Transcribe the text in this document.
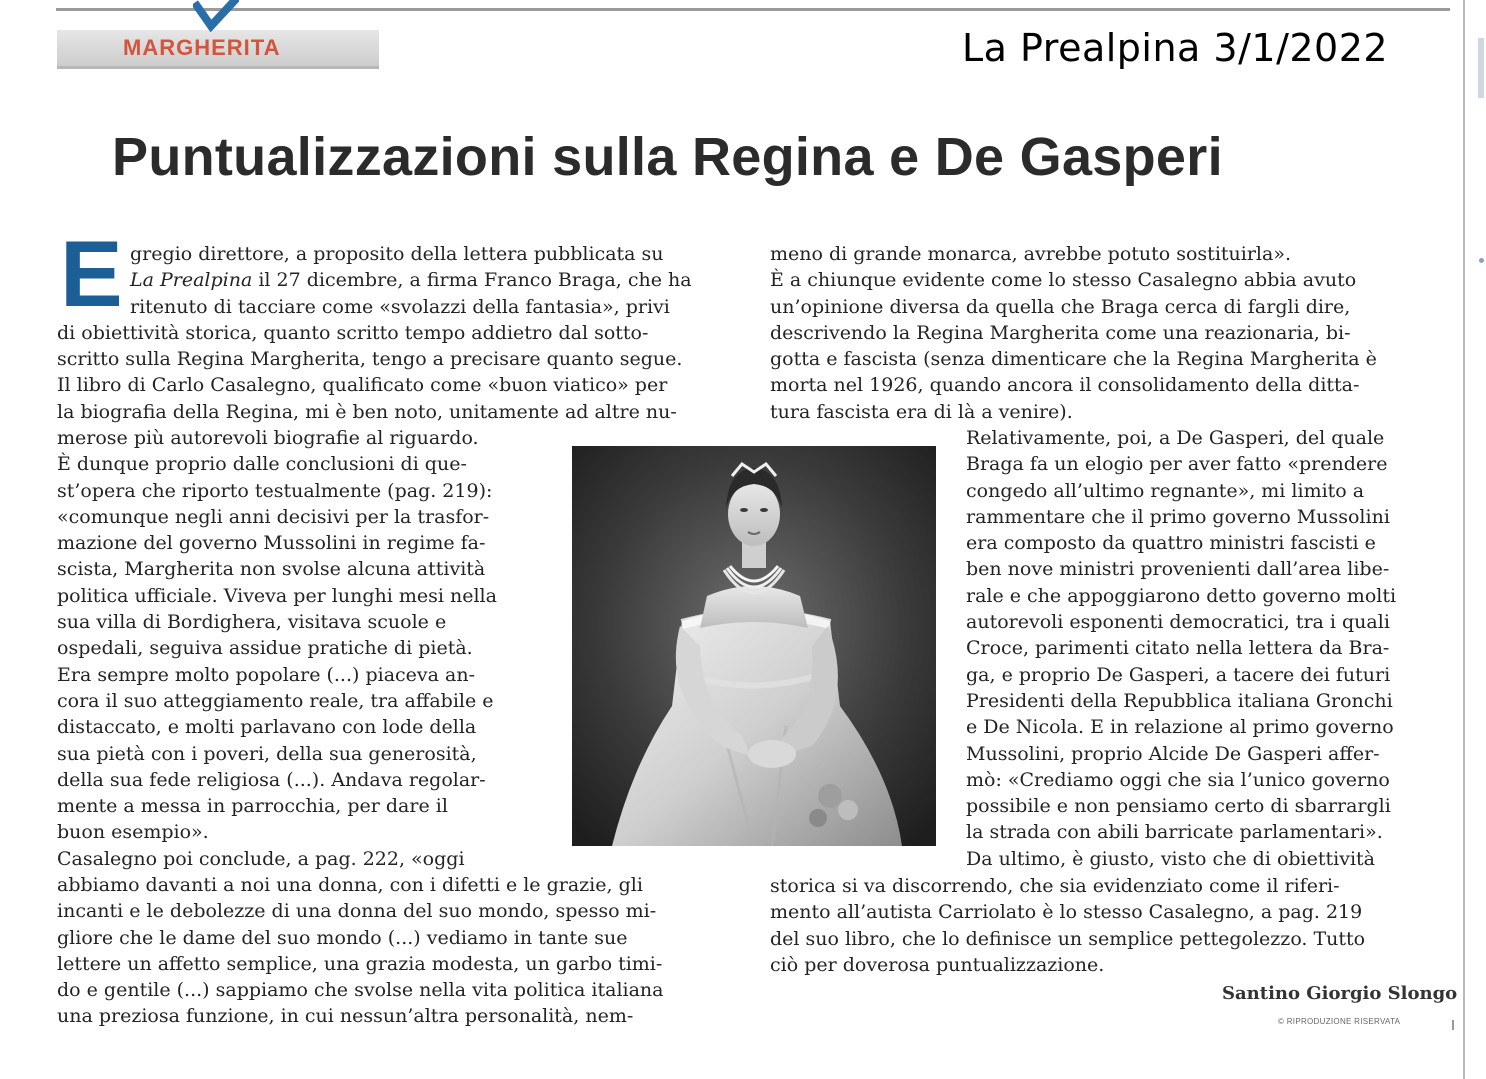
MARGHERITA	La Prealpina 3/1/2022
Puntualizzazioni sulla Regina e De Gasperi
E gregio direttore, a proposito della lettera pubblicata su
La Prealpina il 27 dicembre, a firma Franco Braga, che ha
ritenuto di tacciare come «svolazzi della fantasia», privi
di obiettività storica, quanto scritto tempo addietro dal sotto-
scritto sulla Regina Margherita, tengo a precisare quanto segue.
Il libro di Carlo Casalegno, qualificato come «buon viatico» per
la biografia della Regina, mi è ben noto, unitamente ad altre nu-
merose più autorevoli biografie al riguardo.
È dunque proprio dalle conclusioni di que-
st’opera che riporto testualmente (pag. 219):
«comunque negli anni decisivi per la trasfor-
mazione del governo Mussolini in regime fa-
scista, Margherita non svolse alcuna attività
politica ufficiale. Viveva per lunghi mesi nella
sua villa di Bordighera, visitava scuole e
ospedali, seguiva assidue pratiche di pietà.
Era sempre molto popolare (...) piaceva an-
cora il suo atteggiamento reale, tra affabile e
distaccato, e molti parlavano con lode della
sua pietà con i poveri, della sua generosità,
della sua fede religiosa (...). Andava regolar-
mente a messa in parrocchia, per dare il
buon esempio».
Casalegno poi conclude, a pag. 222, «oggi
abbiamo davanti a noi una donna, con i difetti e le grazie, gli
incanti e le debolezze di una donna del suo mondo, spesso mi-
gliore che le dame del suo mondo (...) vediamo in tante sue
lettere un affetto semplice, una grazia modesta, un garbo timi-
do e gentile (...) sappiamo che svolse nella vita politica italiana
una preziosa funzione, in cui nessun’altra personalità, nem-
meno di grande monarca, avrebbe potuto sostituirla».
È a chiunque evidente come lo stesso Casalegno abbia avuto
un’opinione diversa da quella che Braga cerca di fargli dire,
descrivendo la Regina Margherita come una reazionaria, bi-
gotta e fascista (senza dimenticare che la Regina Margherita è
morta nel 1926, quando ancora il consolidamento della ditta-
tura fascista era di là a venire).
Relativamente, poi, a De Gasperi, del quale
Braga fa un elogio per aver fatto «prendere
congedo all’ultimo regnante», mi limito a
rammentare che il primo governo Mussolini
era composto da quattro ministri fascisti e
ben nove ministri provenienti dall’area libe-
rale e che appoggiarono detto governo molti
autorevoli esponenti democratici, tra i quali
Croce, parimenti citato nella lettera da Bra-
ga, e proprio De Gasperi, a tacere dei futuri
Presidenti della Repubblica italiana Gronchi
e De Nicola. E in relazione al primo governo
Mussolini, proprio Alcide De Gasperi affer-
mò: «Crediamo oggi che sia l’unico governo
possibile e non pensiamo certo di sbarrargli
la strada con abili barricate parlamentari».
Da ultimo, è giusto, visto che di obiettività
storica si va discorrendo, che sia evidenziato come il riferi-
mento all’autista Carriolato è lo stesso Casalegno, a pag. 219
del suo libro, che lo definisce un semplice pettegolezzo. Tutto
ciò per doverosa puntualizzazione.
Santino Giorgio Slongo
© RIPRODUZIONE RISERVATA
